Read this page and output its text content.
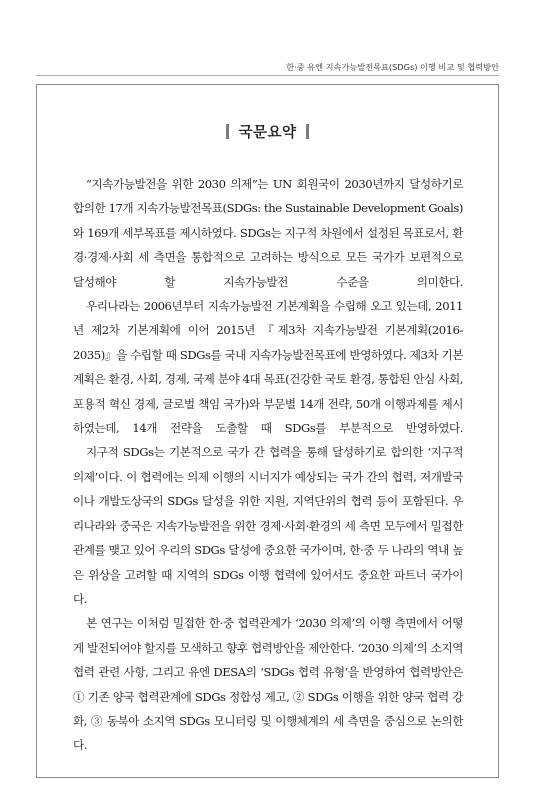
한·중 유엔 지속가능발전목표(SDGs) 이행 비교 및 협력방안
국문요약

“지속가능발전을 위한 2030 의제”는 UN 회원국이 2030년까지 달성하기로 합의한 17개 지속가능발전목표(SDGs: the Sustainable Development Goals)와 169개 세부목표를 제시하였다. SDGs는 지구적 차원에서 설정된 목표로서, 환경·경제·사회 세 측면을 통합적으로 고려하는 방식으로 모든 국가가 보편적으로 달성해야 할 지속가능발전 수준을 의미한다.

우리나라는 2006년부터 지속가능발전 기본계획을 수립해 오고 있는데, 2011년 제2차 기본계획에 이어 2015년 『제3차 지속가능발전 기본계획(2016-2035)』을 수립할 때 SDGs를 국내 지속가능발전목표에 반영하였다. 제3차 기본계획은 환경, 사회, 경제, 국제 분야 4대 목표(건강한 국토 환경, 통합된 안심 사회, 포용적 혁신 경제, 글로벌 책임 국가)와 부문별 14개 전략, 50개 이행과제를 제시하였는데, 14개 전략을 도출할 때 SDGs를 부분적으로 반영하였다.

지구적 SDGs는 기본적으로 국가 간 협력을 통해 달성하기로 합의한 ‘지구적 의제’이다. 이 협력에는 의제 이행의 시너지가 예상되는 국가 간의 협력, 저개발국이나 개발도상국의 SDGs 달성을 위한 지원, 지역단위의 협력 등이 포함된다. 우리나라와 중국은 지속가능발전을 위한 경제·사회·환경의 세 측면 모두에서 밀접한 관계를 맺고 있어 우리의 SDGs 달성에 중요한 국가이며, 한·중 두 나라의 역내 높은 위상을 고려할 때 지역의 SDGs 이행 협력에 있어서도 중요한 파트너 국가이다.

본 연구는 이처럼 밀접한 한·중 협력관계가 ‘2030 의제’의 이행 측면에서 어떻게 발전되어야 할지를 모색하고 향후 협력방안을 제안한다. ‘2030 의제’의 소지역 협력 관련 사항, 그리고 유엔 DESA의 ‘SDGs 협력 유형’을 반영하여 협력방안은 ① 기존 양국 협력관계에 SDGs 정합성 제고, ② SDGs 이행을 위한 양국 협력 강화, ③ 동북아 소지역 SDGs 모니터링 및 이행체계의 세 측면을 중심으로 논의한다.
